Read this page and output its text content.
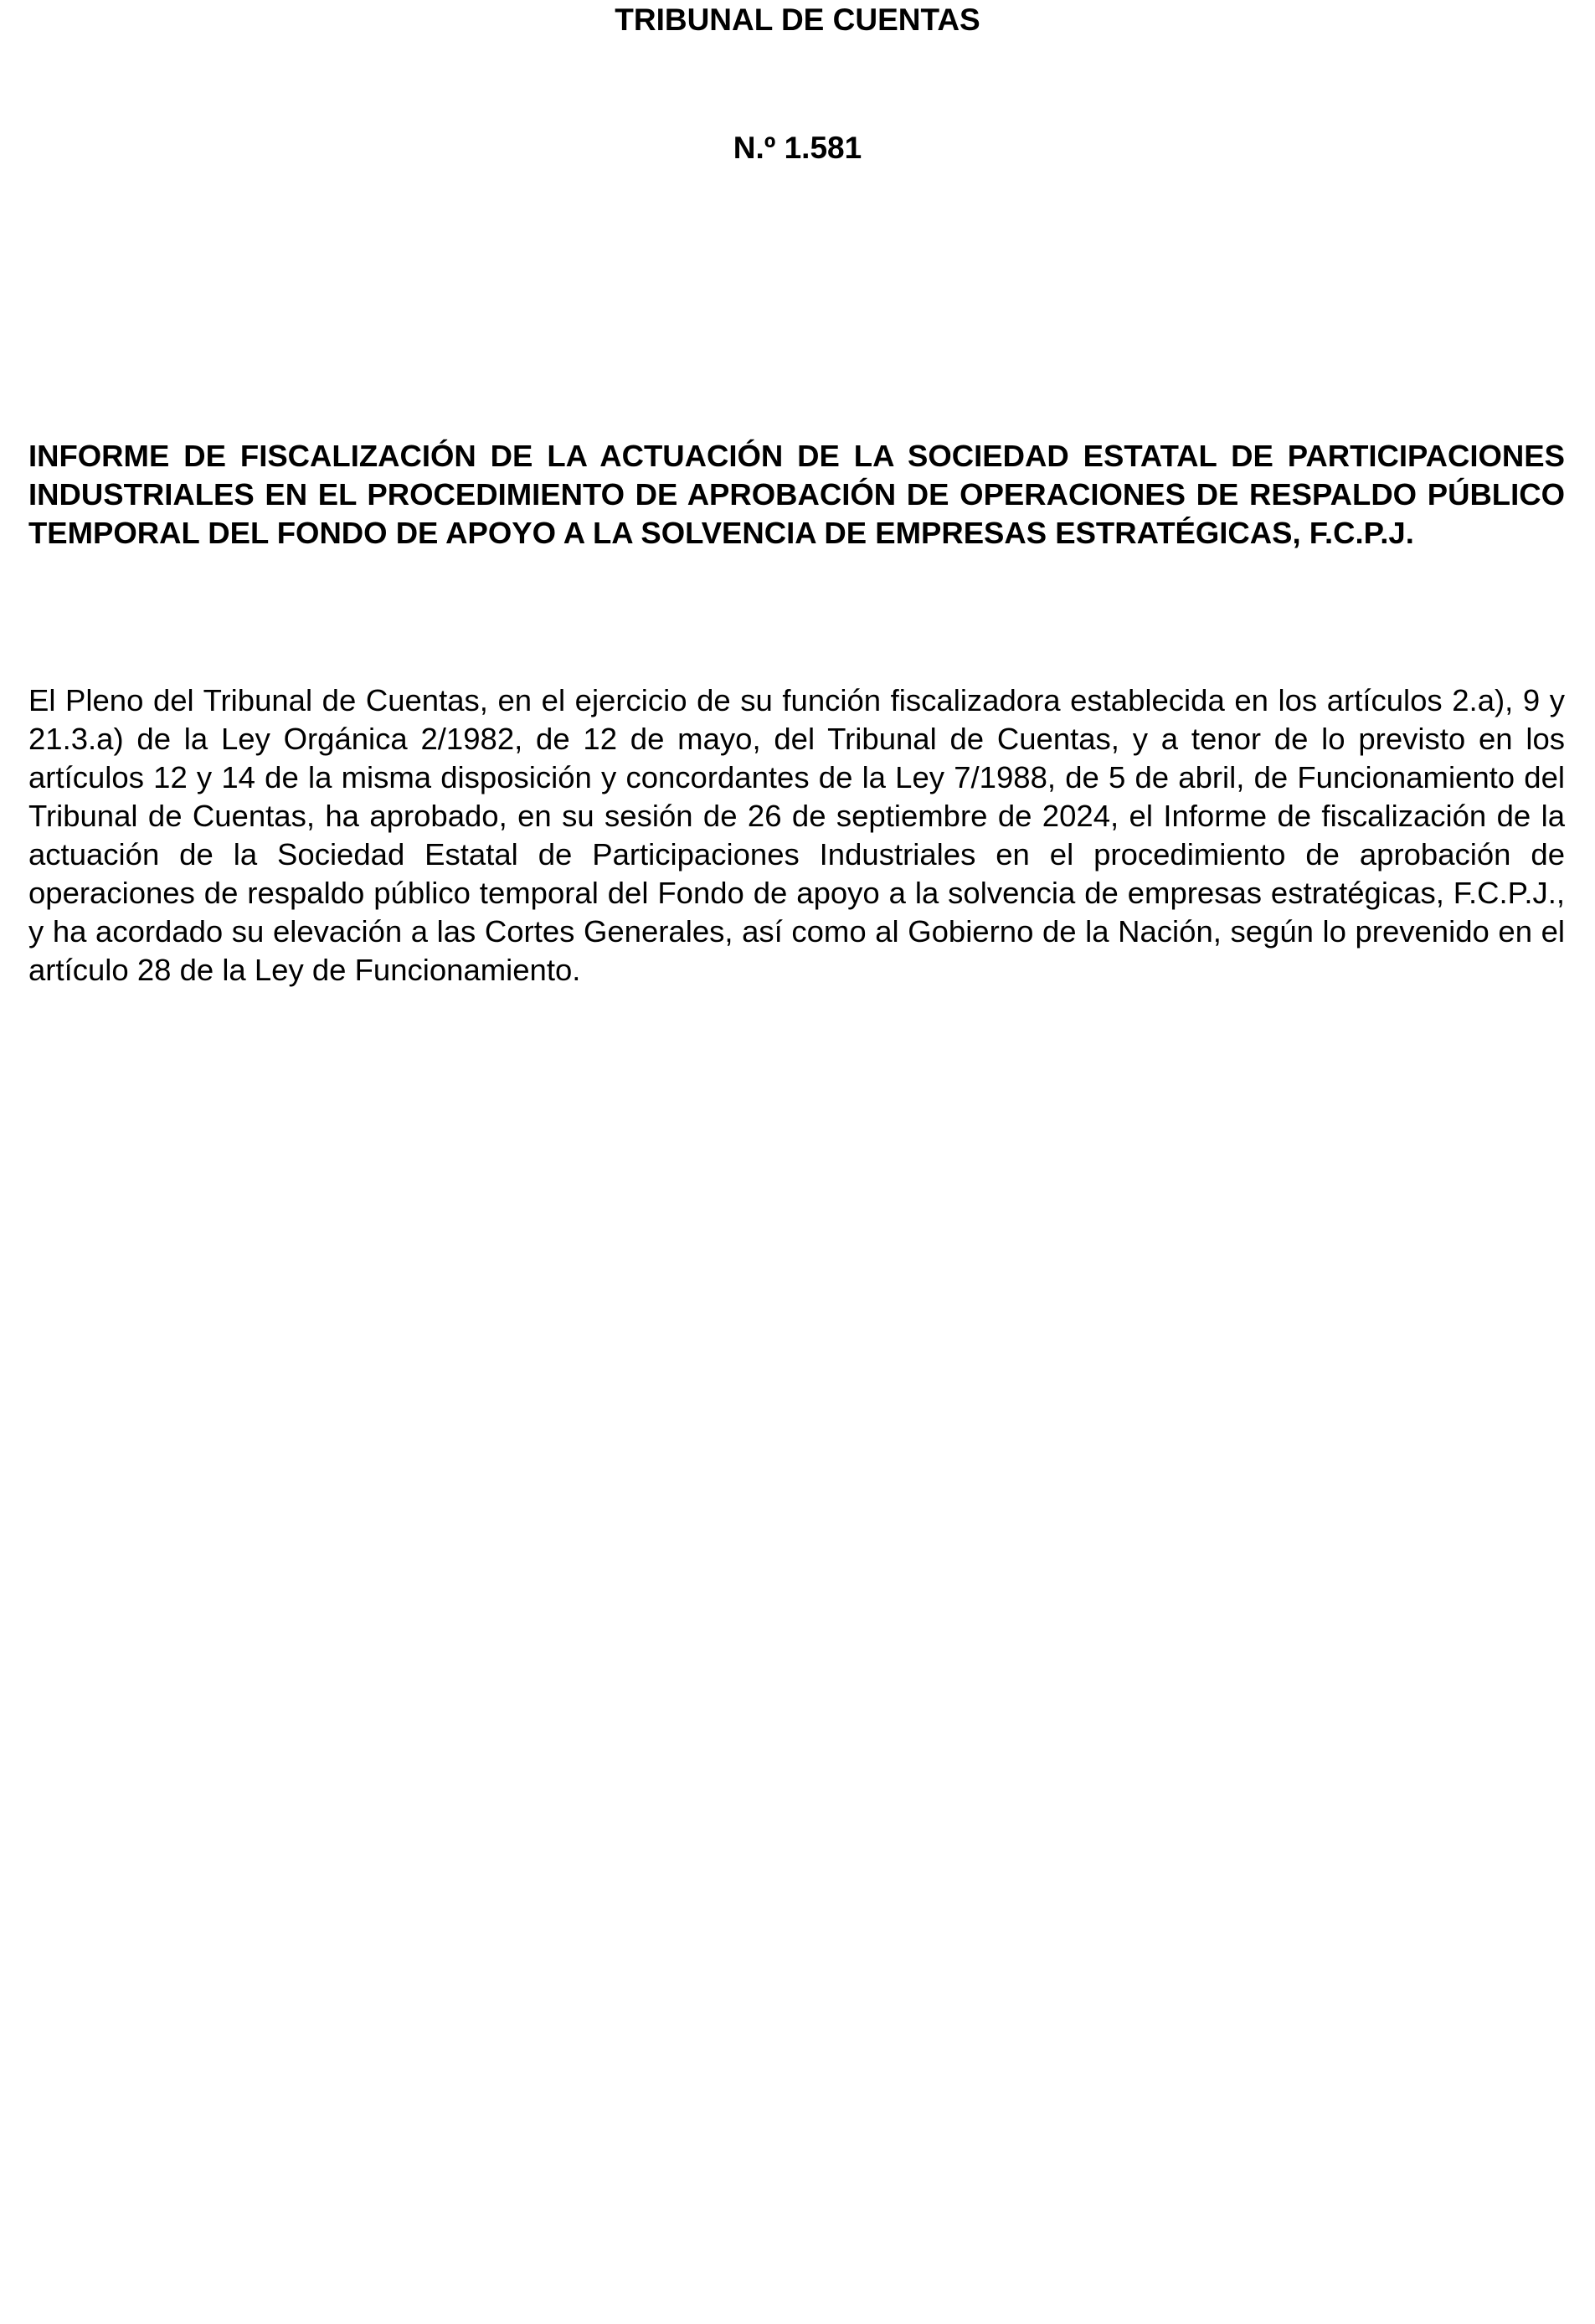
TRIBUNAL DE CUENTAS
N.º 1.581

INFORME DE FISCALIZACIÓN DE LA ACTUACIÓN DE LA SOCIEDAD ESTATAL DE PARTICIPACIONES INDUSTRIALES EN EL PROCEDIMIENTO DE APROBACIÓN DE OPERACIONES DE RESPALDO PÚBLICO TEMPORAL DEL FONDO DE APOYO A LA SOLVENCIA DE EMPRESAS ESTRATÉGICAS, F.C.P.J.

El Pleno del Tribunal de Cuentas, en el ejercicio de su función fiscalizadora establecida en los artículos 2.a), 9 y 21.3.a) de la Ley Orgánica 2/1982, de 12 de mayo, del Tribunal de Cuentas, y a tenor de lo previsto en los artículos 12 y 14 de la misma disposición y concordantes de la Ley 7/1988, de 5 de abril, de Funcionamiento del Tribunal de Cuentas, ha aprobado, en su sesión de 26 de septiembre de 2024, el Informe de fiscalización de la actuación de la Sociedad Estatal de Participaciones Industriales en el procedimiento de aprobación de operaciones de respaldo público temporal del Fondo de apoyo a la solvencia de empresas estratégicas, F.C.P.J., y ha acordado su elevación a las Cortes Generales, así como al Gobierno de la Nación, según lo prevenido en el artículo 28 de la Ley de Funcionamiento.
